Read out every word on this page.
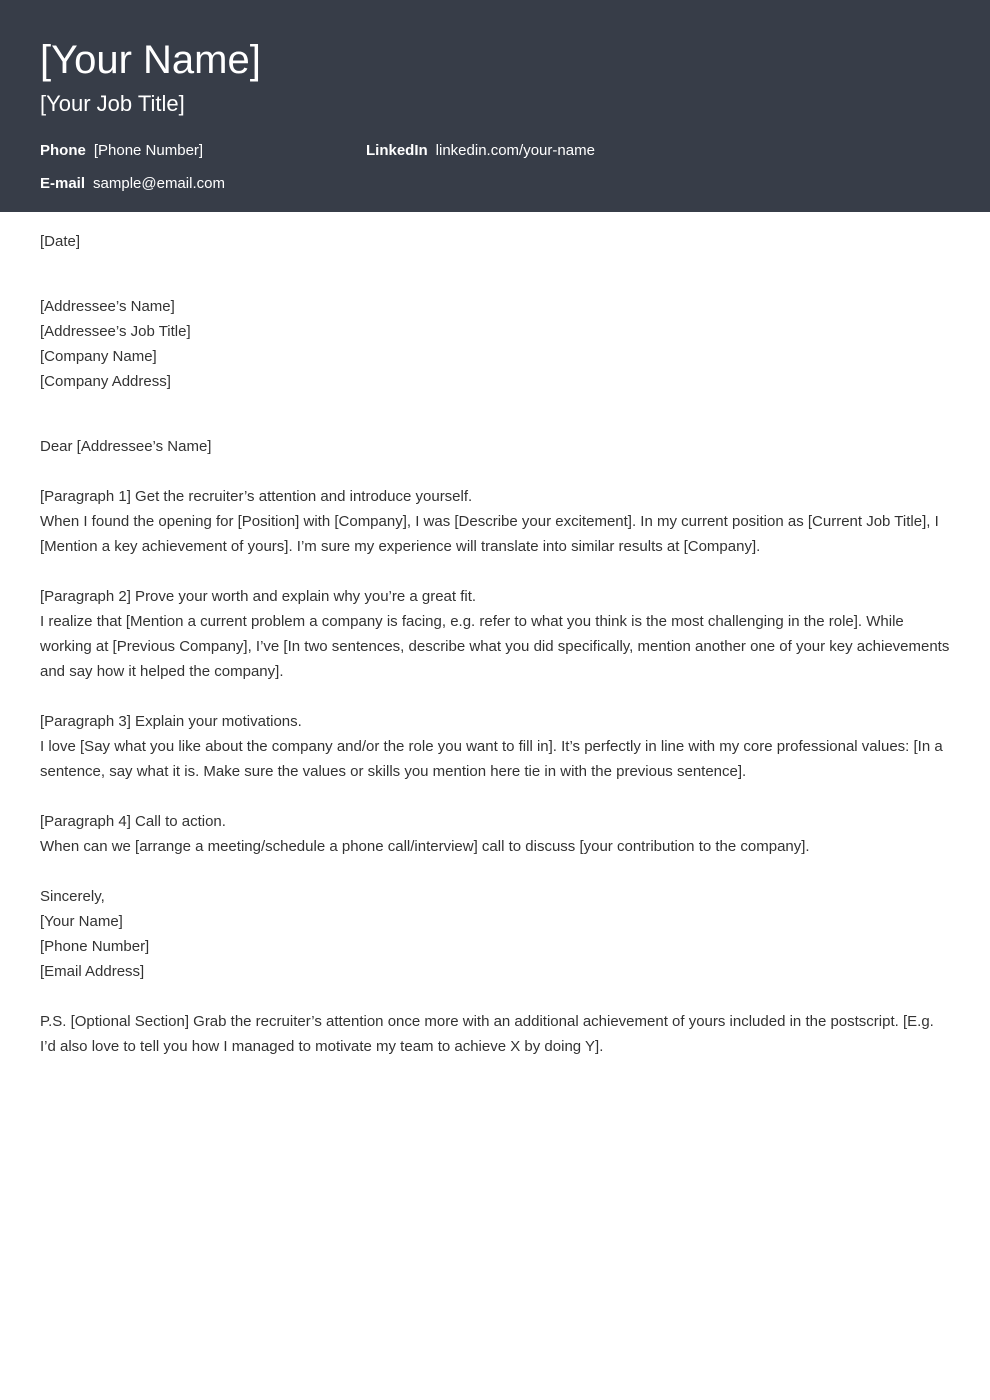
[Your Name]
[Your Job Title]
Phone [Phone Number]	LinkedIn linkedin.com/your-name
E-mail sample@email.com
[Date]
[Addressee’s Name]
[Addressee’s Job Title]
[Company Name]
[Company Address]
Dear [Addressee’s Name]
[Paragraph 1] Get the recruiter’s attention and introduce yourself.
When I found the opening for [Position] with [Company], I was [Describe your excitement]. In my current position as [Current Job Title], I [Mention a key achievement of yours]. I’m sure my experience will translate into similar results at [Company].
[Paragraph 2] Prove your worth and explain why you’re a great fit.
I realize that [Mention a current problem a company is facing, e.g. refer to what you think is the most challenging in the role]. While working at [Previous Company], I’ve [In two sentences, describe what you did specifically, mention another one of your key achievements and say how it helped the company].
[Paragraph 3] Explain your motivations.
I love [Say what you like about the company and/or the role you want to fill in]. It’s perfectly in line with my core professional values: [In a sentence, say what it is. Make sure the values or skills you mention here tie in with the previous sentence].
[Paragraph 4] Call to action.
When can we [arrange a meeting/schedule a phone call/interview] call to discuss [your contribution to the company].
Sincerely,
[Your Name]
[Phone Number]
[Email Address]
P.S. [Optional Section] Grab the recruiter’s attention once more with an additional achievement of yours included in the postscript. [E.g. I’d also love to tell you how I managed to motivate my team to achieve X by doing Y].
